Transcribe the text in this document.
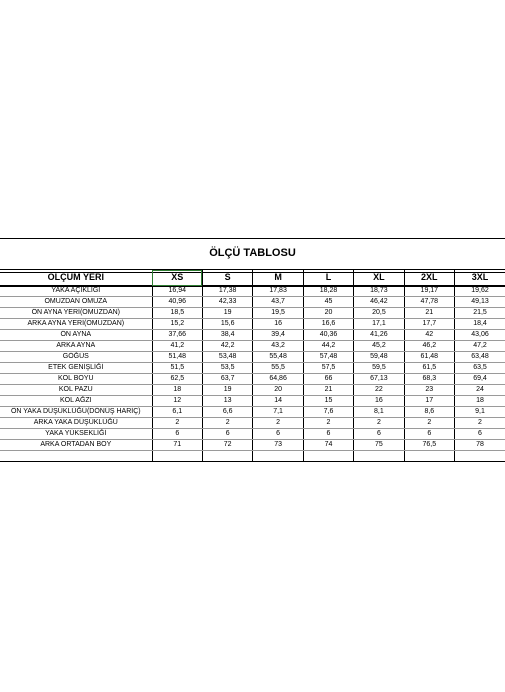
ÖLÇÜ TABLOSU
ÖLÇÜM YERİ	XS	S	M	L	XL	2XL	3XL
YAKA AÇIKLIĞI	16,94	17,38	17,83	18,28	18,73	19,17	19,62
OMUZDAN OMUZA	40,96	42,33	43,7	45	46,42	47,78	49,13
ÖN AYNA YERİ(OMUZDAN)	18,5	19	19,5	20	20,5	21	21,5
ARKA AYNA YERİ(OMUZDAN)	15,2	15,6	16	16,6	17,1	17,7	18,4
ÖN AYNA	37,66	38,4	39,4	40,36	41,26	42	43,06
ARKA AYNA	41,2	42,2	43,2	44,2	45,2	46,2	47,2
GÖĞÜS	51,48	53,48	55,48	57,48	59,48	61,48	63,48
ETEK GENİŞLİĞİ	51,5	53,5	55,5	57,5	59,5	61,5	63,5
KOL BOYU	62,5	63,7	64,86	66	67,13	68,3	69,4
KOL PAZU	18	19	20	21	22	23	24
KOL AĞZI	12	13	14	15	16	17	18
ÖN YAKA DÜŞÜKLÜĞÜ(DÖNÜŞ HARİÇ)	6,1	6,6	7,1	7,6	8,1	8,6	9,1
ARKA YAKA DÜŞÜKLÜĞÜ	2	2	2	2	2	2	2
YAKA YÜKSEKLİĞİ	6	6	6	6	6	6	6
ARKA ORTADAN BOY	71	72	73	74	75	76,5	78
